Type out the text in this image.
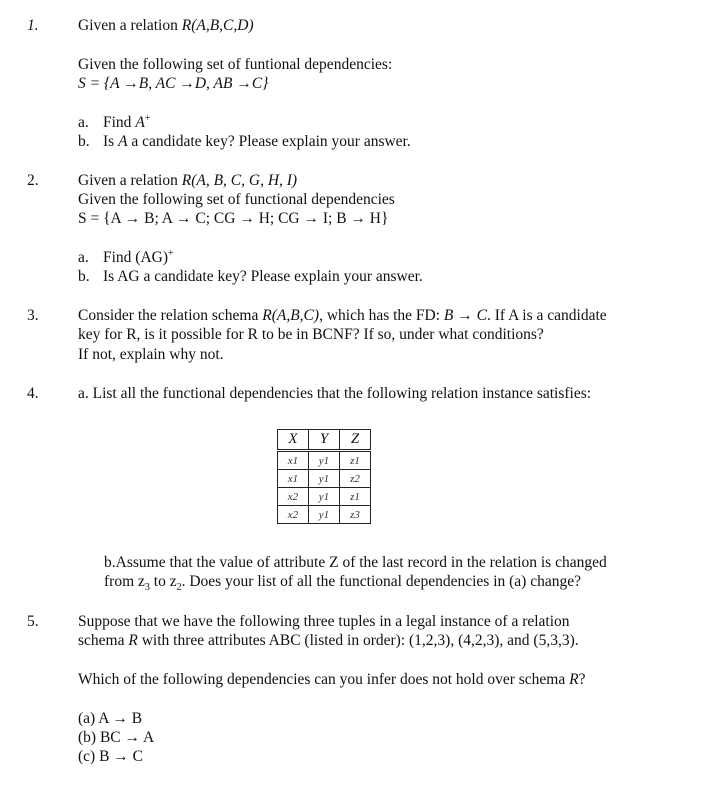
1.	Given a relation R(A,B,C,D)
Given the following set of funtional dependencies:
S = {A →B, AC →D, AB →C}
a. Find A+
b. Is A a candidate key? Please explain your answer.
2.	Given a relation R(A, B, C, G, H, I)
Given the following set of functional dependencies
S = {A → B; A → C; CG → H; CG → I; B → H}
a. Find (AG)+
b. Is AG a candidate key? Please explain your answer.
3.	Consider the relation schema R(A,B,C), which has the FD: B → C. If A is a candidate
key for R, is it possible for R to be in BCNF? If so, under what conditions?
If not, explain why not.
4.	a. List all the functional dependencies that the following relation instance satisfies:
X	Y	Z
x1	y1	z1
x1	y1	z2
x2	y1	z1
x2	y1	z3
b.Assume that the value of attribute Z of the last record in the relation is changed
from $z_3$ to $z_2$. Does your list of all the functional dependencies in (a) change?
5.	Suppose that we have the following three tuples in a legal instance of a relation
schema R with three attributes ABC (listed in order): (1,2,3), (4,2,3), and (5,3,3).
Which of the following dependencies can you infer does not hold over schema R?
(a) A → B
(b) BC → A
(c) B → C
